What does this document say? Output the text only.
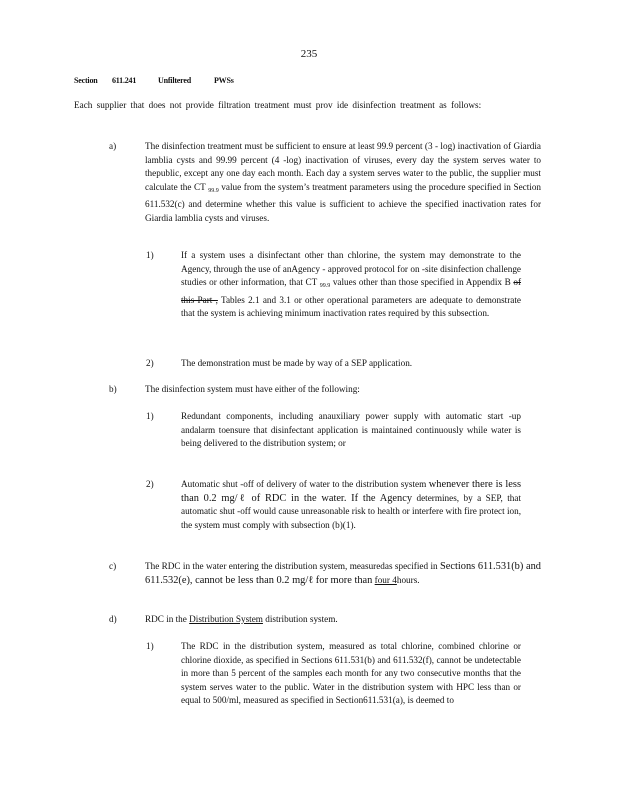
235
Section 611.241	Unfiltered	PWSs
Each supplier that does not provide filtration treatment must prov ide disinfection treatment as follows:
a)	The disinfection treatment must be sufficient to ensure at least 99.9 percent (3 - log) inactivation of Giardia lamblia cysts and 99.99 percent (4 -log) inactivation of viruses, every day the system serves water to thepublic, except any one day each month. Each day a system serves water to the public, the supplier must calculate the CT $_{99.9}$ value from the system’s treatment parameters using the procedure specified in Section 611.532(c) and determine whether this value is sufficient to achieve the specified inactivation rates for Giardia lamblia cysts and viruses.
1)	If a system uses a disinfectant other than chlorine, the system may demonstrate to the Agency, through the use of anAgency - approved protocol for on -site disinfection challenge studies or other information, that CT $_{99.9}$ values other than those specified in Appendix B of this Part , Tables 2.1 and 3.1 or other operational parameters are adequate to demonstrate that the system is achieving minimum inactivation rates required by this subsection.
2)	The demonstration must be made by way of a SEP application.
b)	The disinfection system must have either of the following:
1)	Redundant components, including anauxiliary power supply with automatic start -up andalarm toensure that disinfectant application is maintained continuously while water is being delivered to the distribution system; or
2)	Automatic shut -off of delivery of water to the distribution system whenever there is less than 0.2 mg/ℓ of RDC in the water. If the Agency determines, by a SEP, that automatic shut -off would cause unreasonable risk to health or interfere with fire protect ion, the system must comply with subsection (b)(1).
c)	The RDC in the water entering the distribution system, measuredas specified in Sections 611.531(b) and 611.532(e), cannot be less than 0.2 mg/ℓ for more than four 4hours.
d)	RDC in the Distribution System distribution system.
1)	The RDC in the distribution system, measured as total chlorine, combined chlorine or chlorine dioxide, as specified in Sections 611.531(b) and 611.532(f), cannot be undetectable in more than 5 percent of the samples each month for any two consecutive months that the system serves water to the public. Water in the distribution system with HPC less than or equal to 500/ml, measured as specified in Section611.531(a), is deemed to
